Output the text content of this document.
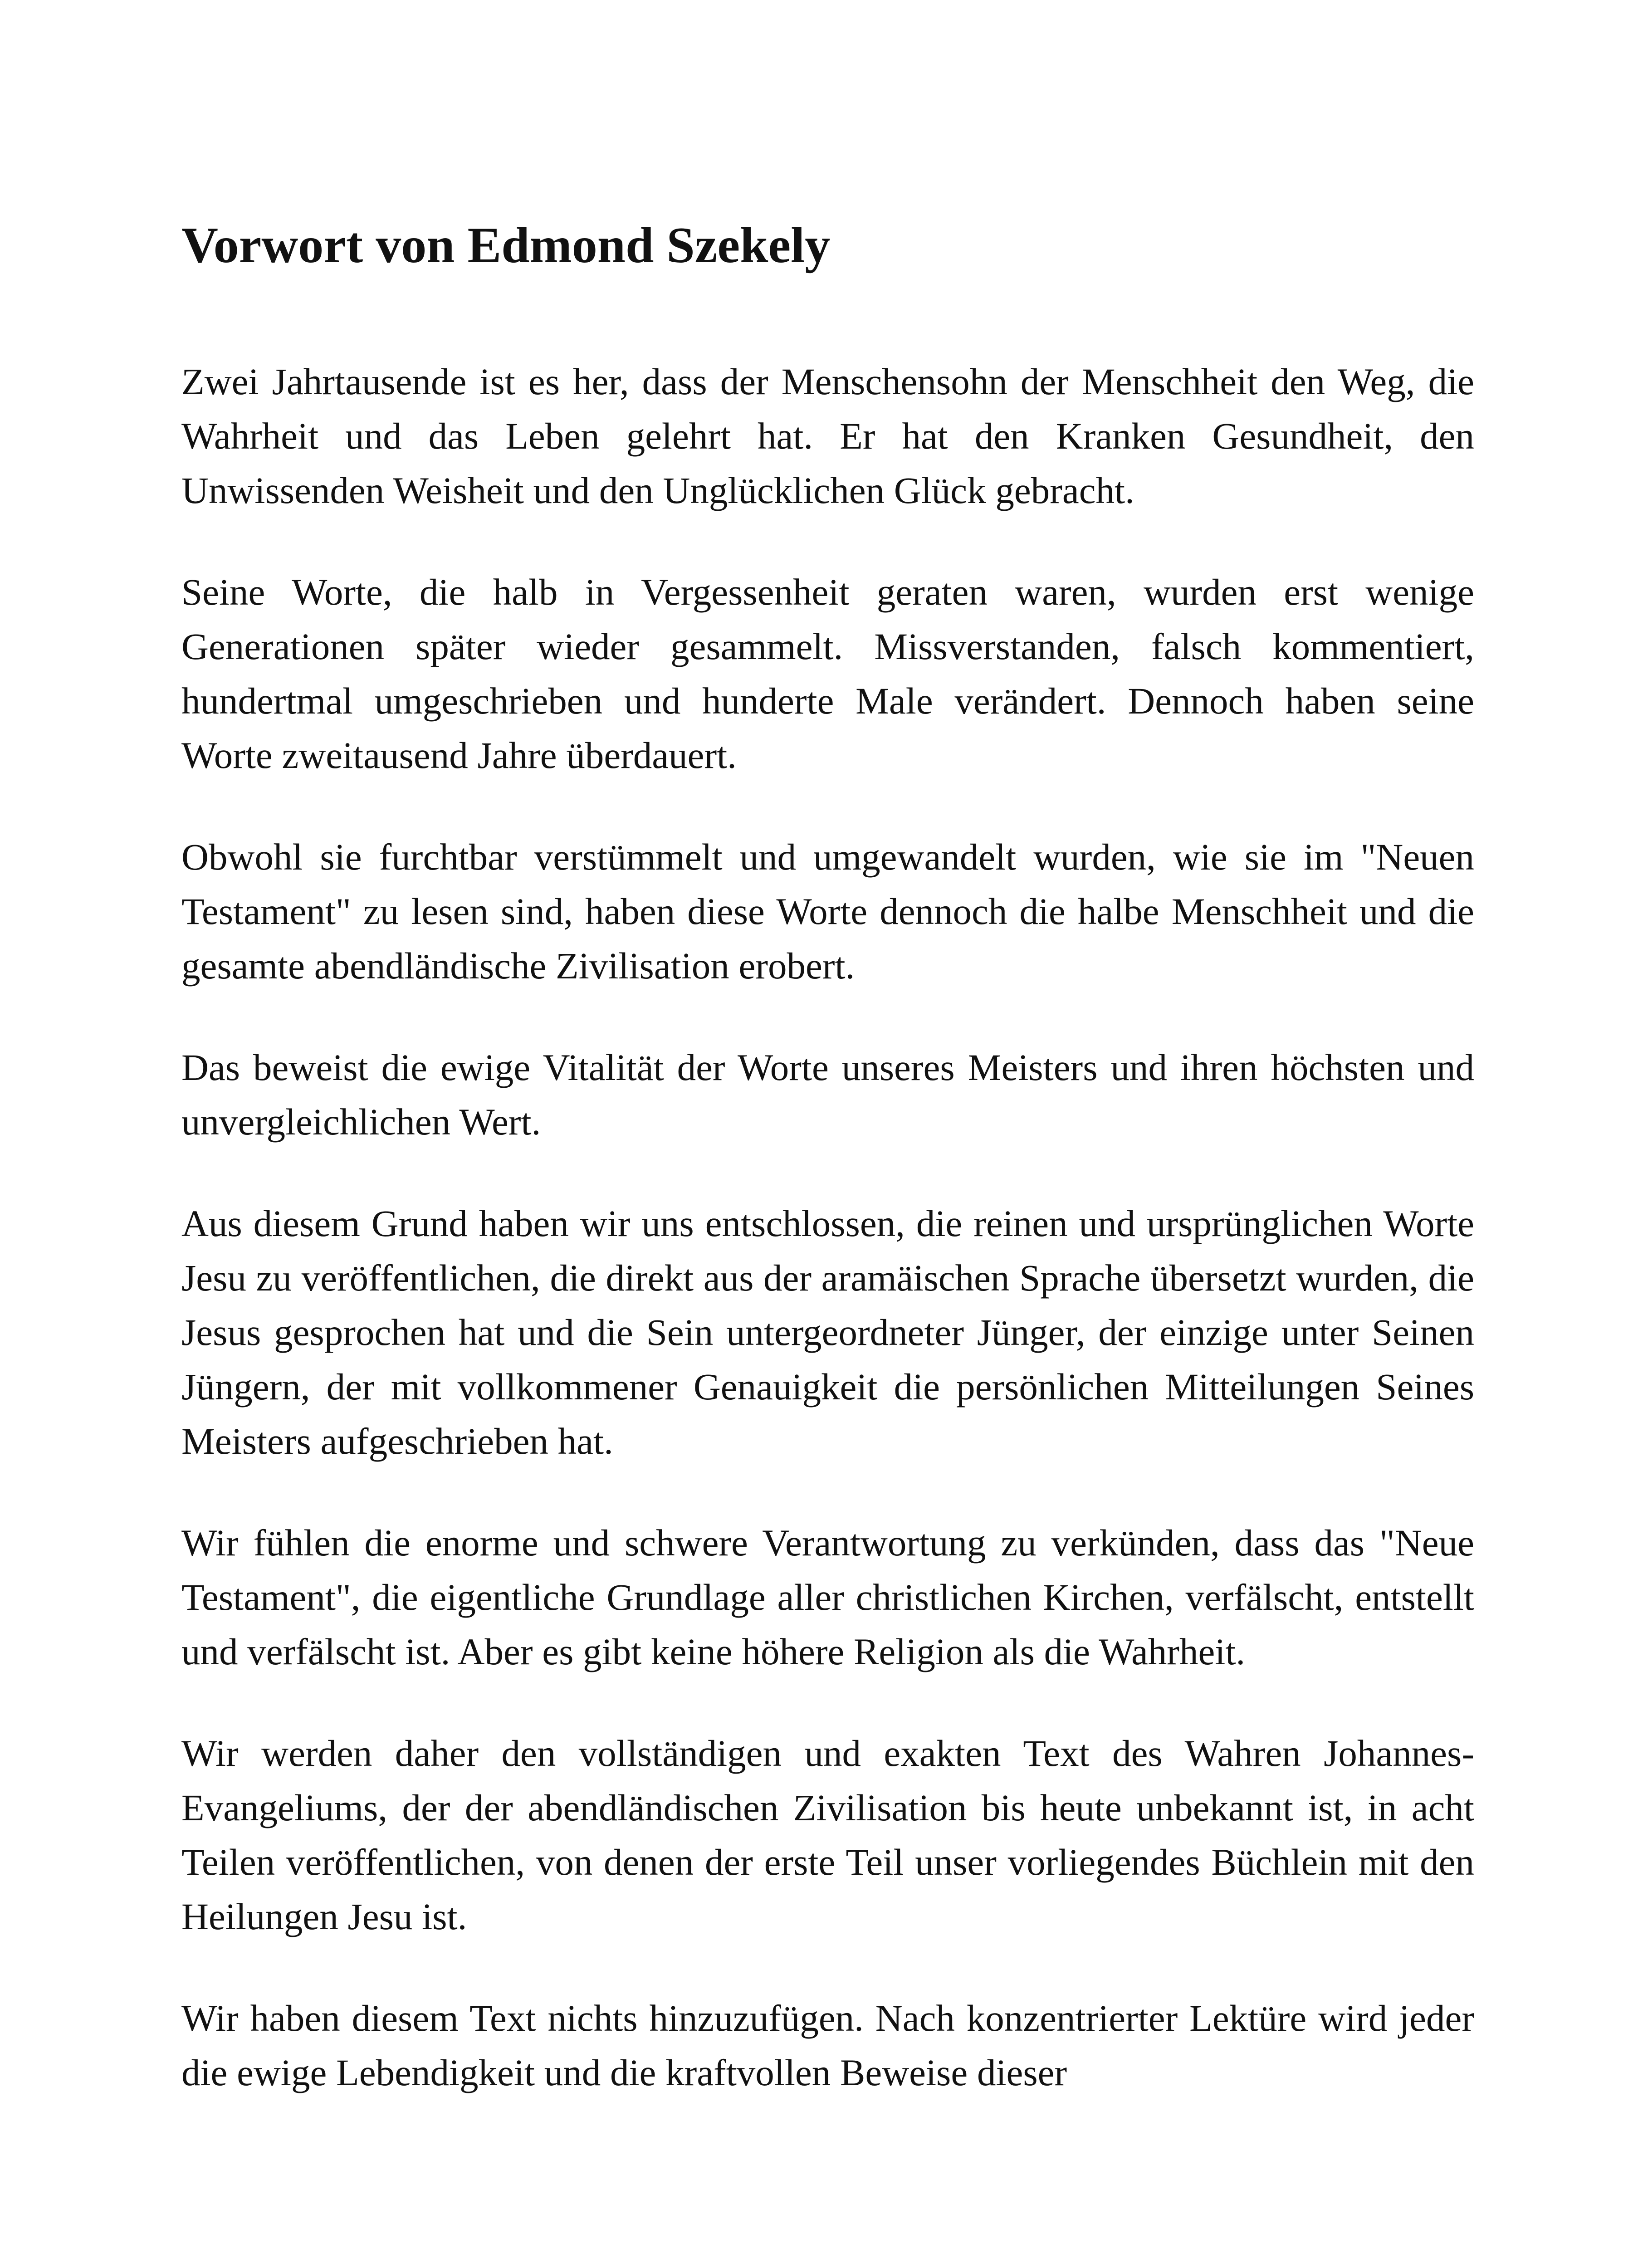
Vorwort von Edmond Szekely

Zwei Jahrtausende ist es her, dass der Menschensohn der Menschheit den Weg, die Wahrheit und das Leben gelehrt hat. Er hat den Kranken Gesundheit, den Unwissenden Weisheit und den Unglücklichen Glück gebracht.

Seine Worte, die halb in Vergessenheit geraten waren, wurden erst wenige Generationen später wieder gesammelt. Missverstanden, falsch kommentiert, hundertmal umgeschrieben und hunderte Male verändert. Dennoch haben seine Worte zweitausend Jahre überdauert.

Obwohl sie furchtbar verstümmelt und umgewandelt wurden, wie sie im "Neuen Testament" zu lesen sind, haben diese Worte dennoch die halbe Menschheit und die gesamte abendländische Zivilisation erobert.

Das beweist die ewige Vitalität der Worte unseres Meisters und ihren höchsten und unvergleichlichen Wert.

Aus diesem Grund haben wir uns entschlossen, die reinen und ursprünglichen Worte Jesu zu veröffentlichen, die direkt aus der aramäischen Sprache übersetzt wurden, die Jesus gesprochen hat und die Sein untergeordneter Jünger, der einzige unter Seinen Jüngern, der mit vollkommener Genauigkeit die persönlichen Mitteilungen Seines Meisters aufgeschrieben hat.

Wir fühlen die enorme und schwere Verantwortung zu verkünden, dass das "Neue Testament", die eigentliche Grundlage aller christlichen Kirchen, verfälscht, entstellt und verfälscht ist. Aber es gibt keine höhere Religion als die Wahrheit.

Wir werden daher den vollständigen und exakten Text des Wahren Johannes-Evangeliums, der der abendländischen Zivilisation bis heute unbekannt ist, in acht Teilen veröffentlichen, von denen der erste Teil unser vorliegendes Büchlein mit den Heilungen Jesu ist.

Wir haben diesem Text nichts hinzuzufügen. Nach konzentrierter Lektüre wird jeder die ewige Lebendigkeit und die kraftvollen Beweise dieser
